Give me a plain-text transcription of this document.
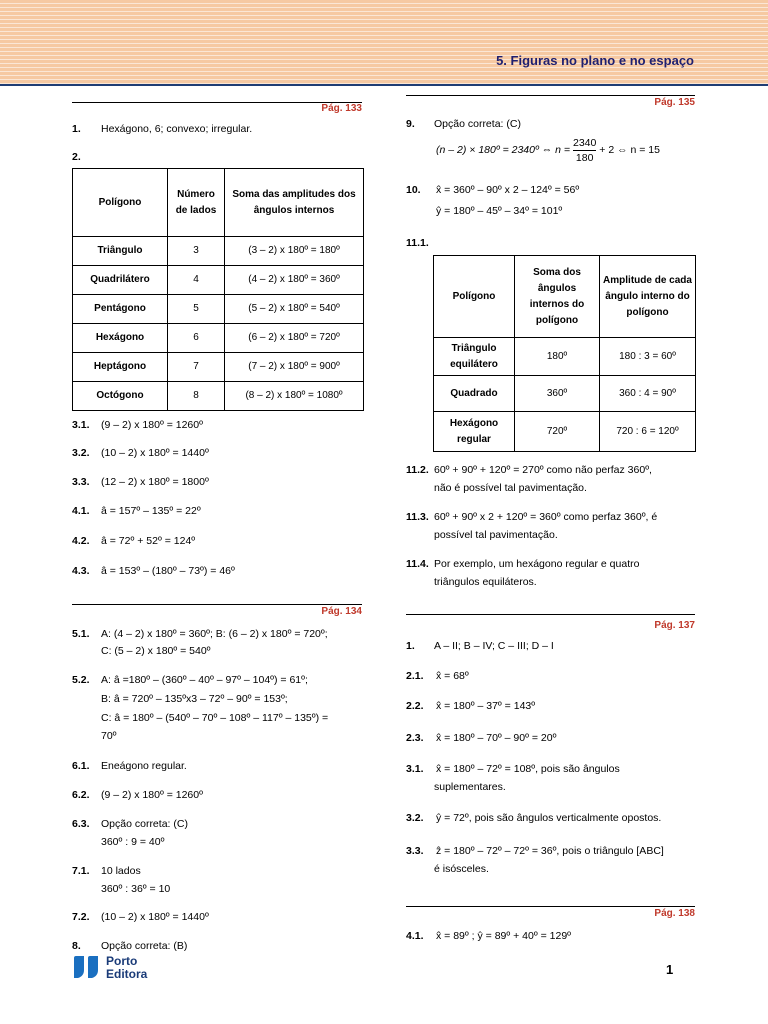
5. Figuras no plano e no espaço
Pág. 133
1. Hexágono, 6; convexo; irregular.
2.
Polígono	Número de lados	Soma das amplitudes dos ângulos internos
Triângulo	3	(3 – 2) x 180º = 180º
Quadrilátero	4	(4 – 2) x 180º = 360º
Pentágono	5	(5 – 2) x 180º = 540º
Hexágono	6	(6 – 2) x 180º = 720º
Heptágono	7	(7 – 2) x 180º = 900º
Octógono	8	(8 – 2) x 180º = 1080º
3.1. (9 – 2) x 180º = 1260º
3.2. (10 – 2) x 180º = 1440º
3.3. (12 – 2) x 180º = 1800º
4.1. â = 157º – 135º = 22º
4.2. â = 72º + 52º = 124º
4.3. â = 153º – (180º – 73º) = 46º
Pág. 134
5.1. A: (4 – 2) x 180º = 360º; B: (6 – 2) x 180º = 720º;
C: (5 – 2) x 180º = 540º
5.2. A: â =180º – (360º – 40º – 97º – 104º) = 61º;
B: â = 720º – 135ºx3 – 72º – 90º = 153º;
C: â = 180º – (540º – 70º – 108º – 117º – 135º) =
70º
6.1. Eneágono regular.
6.2. (9 – 2) x 180º = 1260º
6.3. Opção correta: (C)
360º : 9 = 40º
7.1. 10 lados
360º : 36º = 10
7.2. (10 – 2) x 180º = 1440º
8. Opção correta: (B)
Pág. 135
9. Opção correta: (C)
(n – 2) × 180º = 2340º ⇔ $n = \frac{2340}{180} + 2$ ⇔ n = 15
10. x̂ = 360º – 90º x 2 – 124º = 56º
ŷ = 180º – 45º – 34º = 101º
11.1.
Polígono	Soma dos ângulos internos do polígono	Amplitude de cada ângulo interno do polígono
Triângulo equilátero	180º	180 : 3 = 60º
Quadrado	360º	360 : 4 = 90º
Hexágono regular	720º	720 : 6 = 120º
11.2. 60º + 90º + 120º = 270º como não perfaz 360º,
não é possível tal pavimentação.
11.3. 60º + 90º x 2 + 120º = 360º como perfaz 360º, é
possível tal pavimentação.
11.4. Por exemplo, um hexágono regular e quatro
triângulos equiláteros.
Pág. 137
1. A – II; B – IV; C – III; D – I
2.1. x̂ = 68º
2.2. x̂ = 180º – 37º = 143º
2.3. x̂ = 180º – 70º – 90º = 20º
3.1. x̂ = 180º – 72º = 108º, pois são ângulos
suplementares.
3.2. ŷ = 72º, pois são ângulos verticalmente opostos.
3.3. ẑ = 180º – 72º – 72º = 36º, pois o triângulo [ABC]
é isósceles.
Pág. 138
4.1. x̂ = 89º ; ŷ = 89º + 40º = 129º
Porto
Editora	1
